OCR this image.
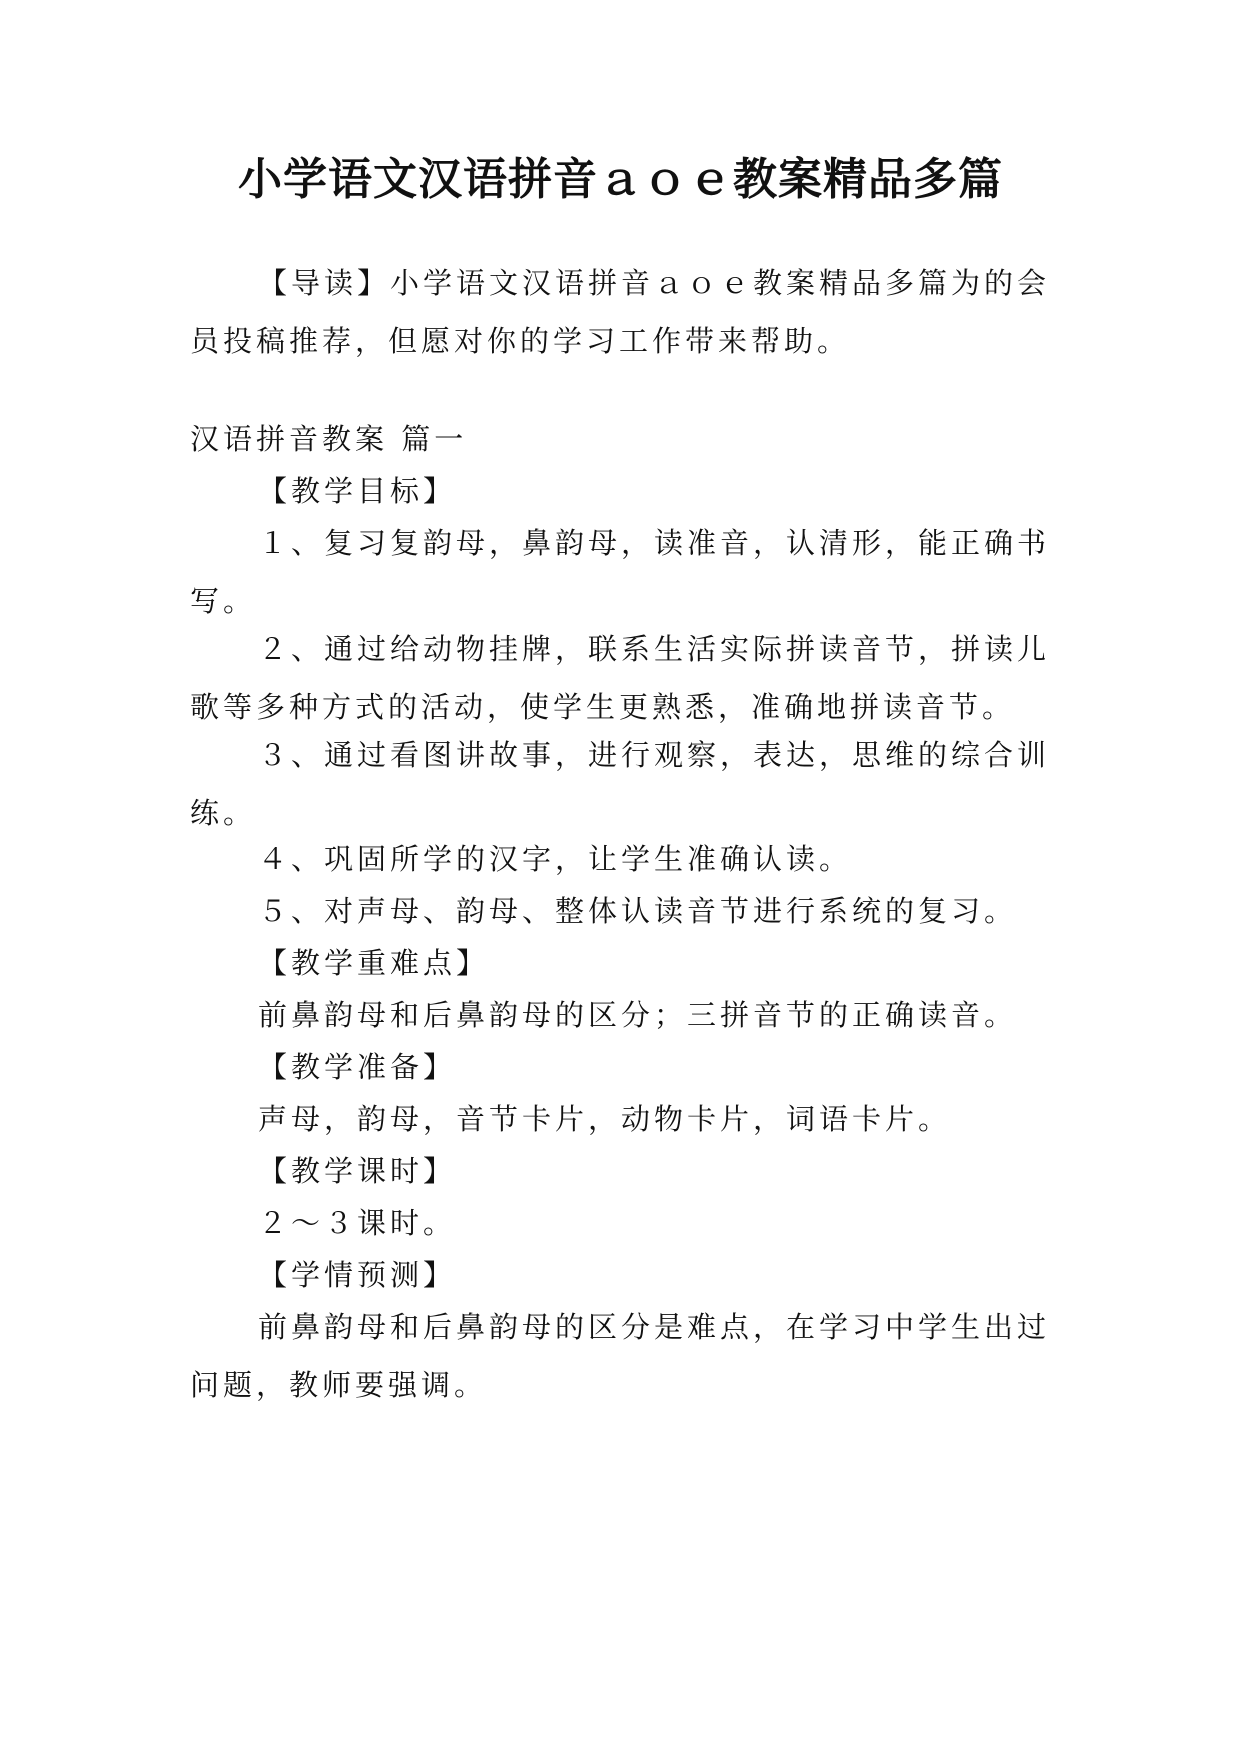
小学语文汉语拼音ａｏｅ教案精品多篇

【导读】小学语文汉语拼音ａｏｅ教案精品多篇为的会员投稿推荐，但愿对你的学习工作带来帮助。

汉语拼音教案 篇一

【教学目标】

１、复习复韵母，鼻韵母，读准音，认清形，能正确书写。

２、通过给动物挂牌，联系生活实际拼读音节，拼读儿歌等多种方式的活动，使学生更熟悉，准确地拼读音节。

３、通过看图讲故事，进行观察，表达，思维的综合训练。

４、巩固所学的汉字，让学生准确认读。

５、对声母、韵母、整体认读音节进行系统的复习。

【教学重难点】

前鼻韵母和后鼻韵母的区分；三拼音节的正确读音。

【教学准备】

声母，韵母，音节卡片，动物卡片，词语卡片。

【教学课时】

２～３课时。

【学情预测】

前鼻韵母和后鼻韵母的区分是难点，在学习中学生出过问题，教师要强调。
